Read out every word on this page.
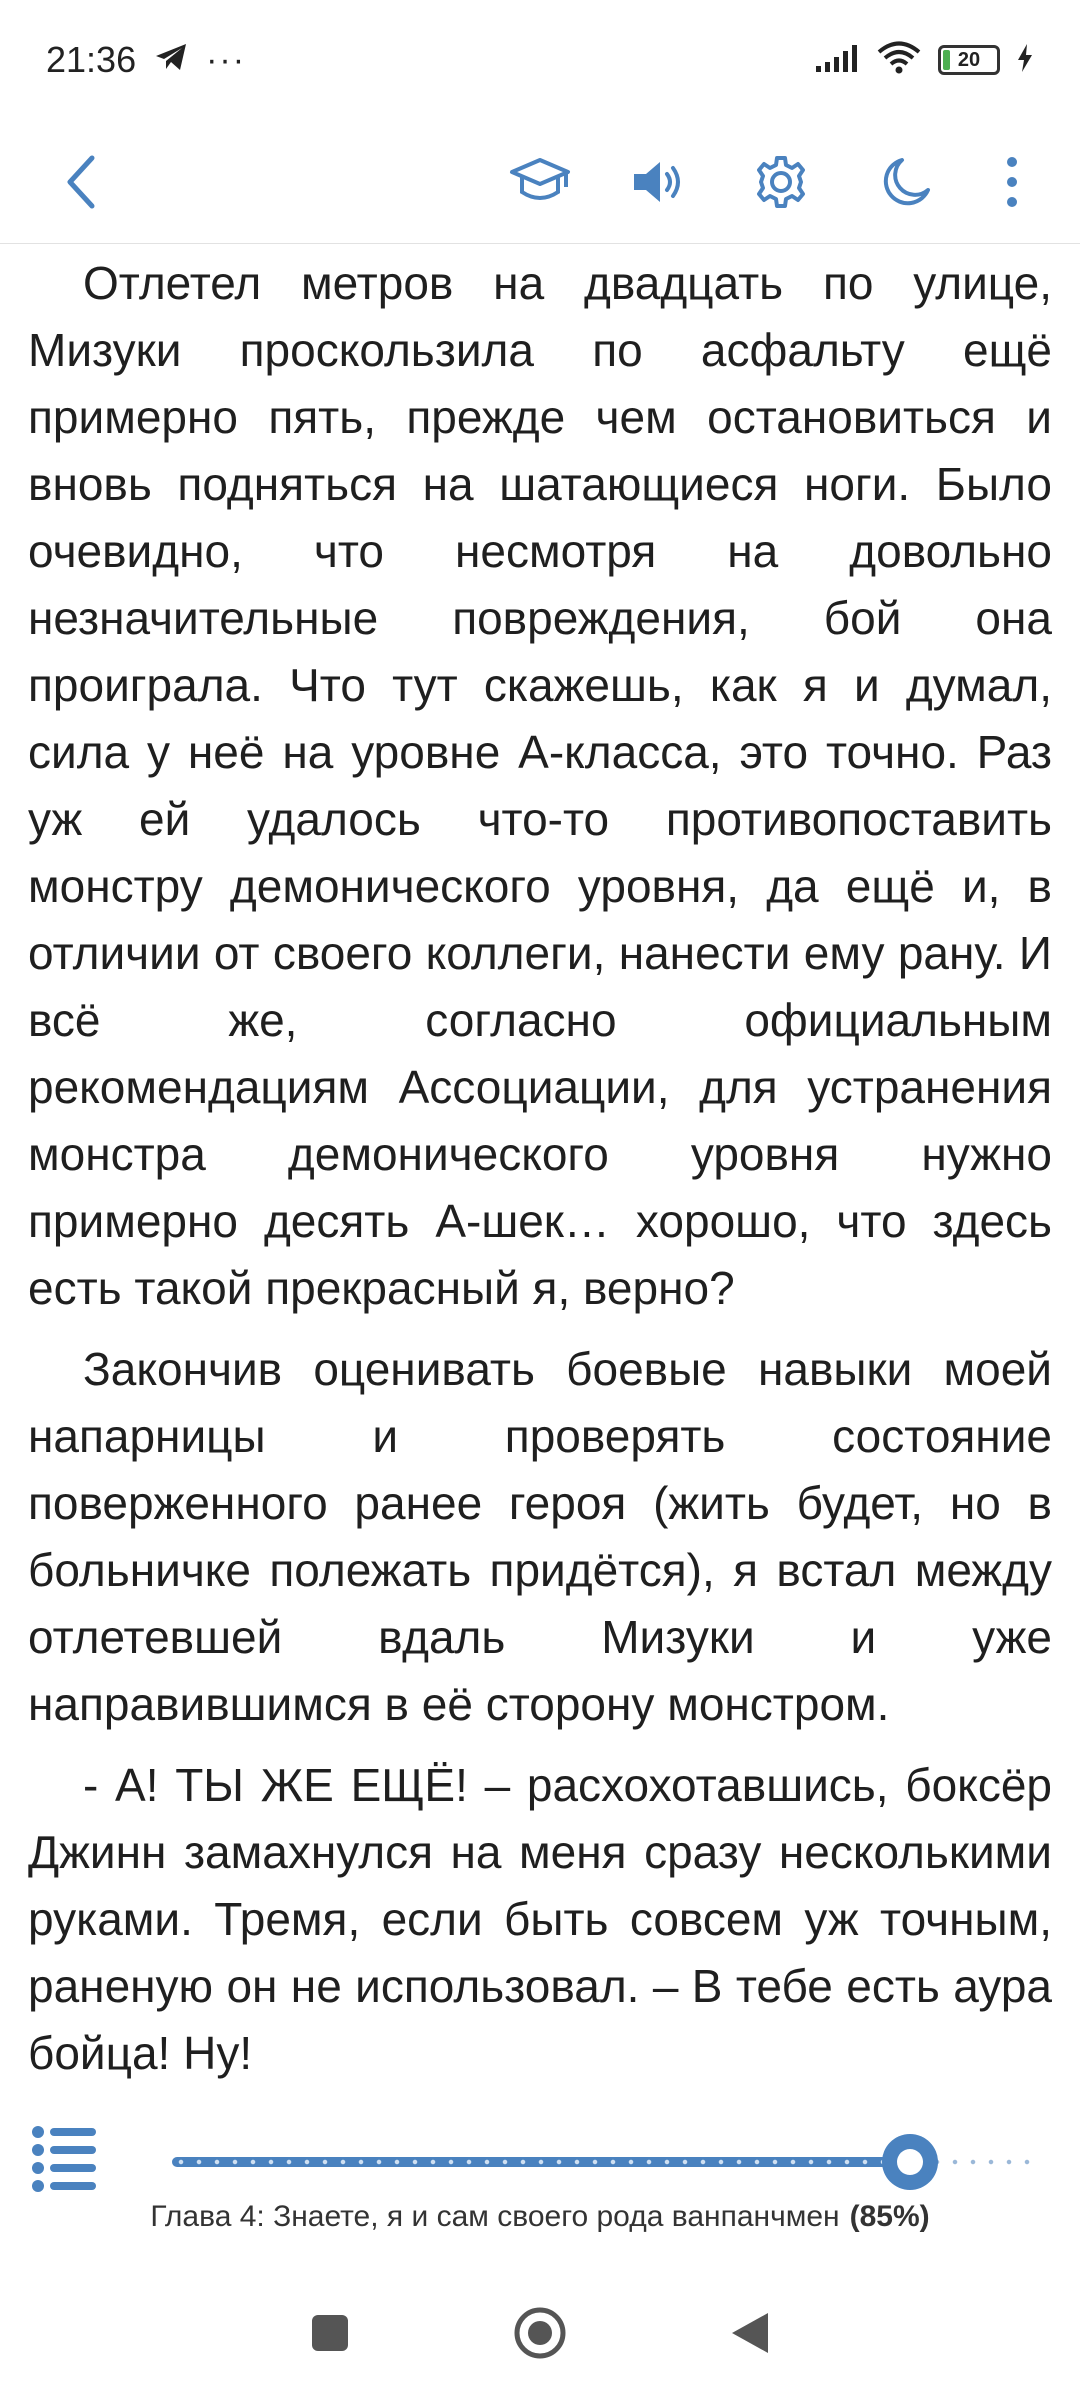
21:36 ···	20

Отлетел метров на двадцать по улице, Мизуки проскользила по асфальту ещё примерно пять, прежде чем остановиться и вновь подняться на шатающиеся ноги. Было очевидно, что несмотря на довольно незначительные повреждения, бой она проиграла. Что тут скажешь, как я и думал, сила у неё на уровне А-класса, это точно. Раз уж ей удалось что-то противопоставить монстру демонического уровня, да ещё и, в отличии от своего коллеги, нанести ему рану. И всё же, согласно официальным рекомендациям Ассоциации, для устранения монстра демонического уровня нужно примерно десять А-шек… хорошо, что здесь есть такой прекрасный я, верно?

Закончив оценивать боевые навыки моей напарницы и проверять состояние поверженного ранее героя (жить будет, но в больничке полежать придётся), я встал между отлетевшей вдаль Мизуки и уже направившимся в её сторону монстром.

- А! ТЫ ЖЕ ЕЩЁ! – расхохотавшись, боксёр Джинн замахнулся на меня сразу несколькими руками. Тремя, если быть совсем уж точным, раненую он не использовал. – В тебе есть аура бойца! Ну!

Глава 4: Знаете, я и сам своего рода ванпанчмен (85%)
